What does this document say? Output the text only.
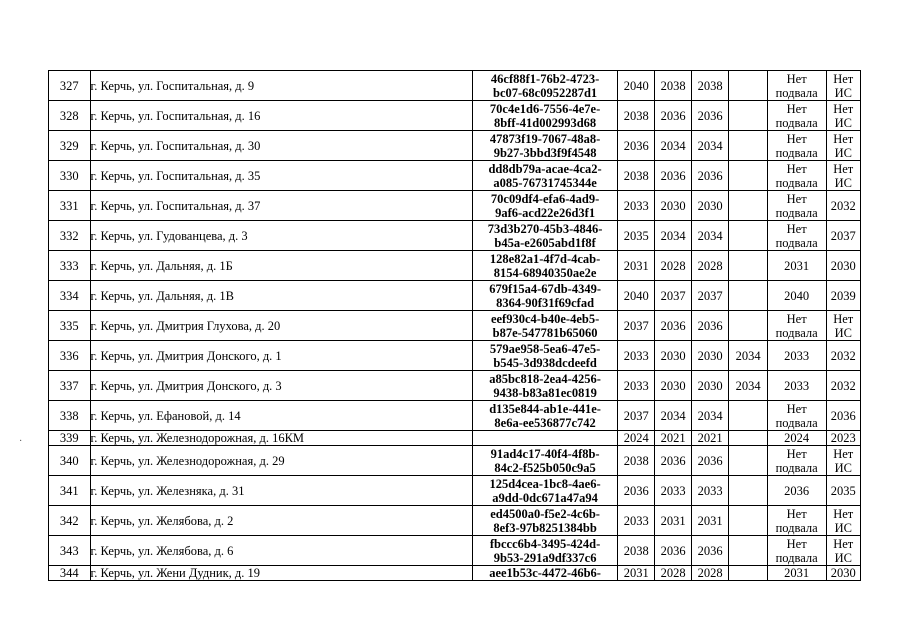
327	г. Керчь, ул. Госпитальная, д. 9	46cf88f1-76b2-4723-
bc07-68c0952287d1	2040	2038	2038		Нет
подвала	Нет
ИС

328	г. Керчь, ул. Госпитальная, д. 16	70c4e1d6-7556-4e7e-
8bff-41d002993d68	2038	2036	2036		Нет
подвала	Нет
ИС

329	г. Керчь, ул. Госпитальная, д. 30	47873f19-7067-48a8-
9b27-3bbd3f9f4548	2036	2034	2034		Нет
подвала	Нет
ИС

330	г. Керчь, ул. Госпитальная, д. 35	dd8db79a-acae-4ca2-
a085-76731745344e	2038	2036	2036		Нет
подвала	Нет
ИС

331	г. Керчь, ул. Госпитальная, д. 37	70c09df4-efa6-4ad9-
9af6-acd22e26d3f1	2033	2030	2030		Нет
подвала	2032

332	г. Керчь, ул. Гудованцева, д. 3	73d3b270-45b3-4846-
b45a-e2605abd1f8f	2035	2034	2034		Нет
подвала	2037

333	г. Керчь, ул. Дальняя, д. 1Б	128e82a1-4f7d-4cab-
8154-68940350ae2e	2031	2028	2028		2031	2030

334	г. Керчь, ул. Дальняя, д. 1В	679f15a4-67db-4349-
8364-90f31f69cfad	2040	2037	2037		2040	2039

335	г. Керчь, ул. Дмитрия Глухова, д. 20	eef930c4-b40e-4eb5-
b87e-547781b65060	2037	2036	2036		Нет
подвала	Нет
ИС

336	г. Керчь, ул. Дмитрия Донского, д. 1	579ae958-5ea6-47e5-
b545-3d938dcdeefd	2033	2030	2030	2034	2033	2032

337	г. Керчь, ул. Дмитрия Донского, д. 3	a85bc818-2ea4-4256-
9438-b83a81ec0819	2033	2030	2030	2034	2033	2032

338	г. Керчь, ул. Ефановой, д. 14	d135e844-ab1e-441e-
8e6a-ee536877c742	2037	2034	2034		Нет
подвала	2036

339	г. Керчь, ул. Железнодорожная, д. 16КМ		2024	2021	2021		2024	2023

340	г. Керчь, ул. Железнодорожная, д. 29	91ad4c17-40f4-4f8b-
84c2-f525b050c9a5	2038	2036	2036		Нет
подвала	Нет
ИС

341	г. Керчь, ул. Железняка, д. 31	125d4cea-1bc8-4ae6-
a9dd-0dc671a47a94	2036	2033	2033		2036	2035

342	г. Керчь, ул. Желябова, д. 2	ed4500a0-f5e2-4c6b-
8ef3-97b8251384bb	2033	2031	2031		Нет
подвала	Нет
ИС

343	г. Керчь, ул. Желябова, д. 6	fbccc6b4-3495-424d-
9b53-291a9df337c6	2038	2036	2036		Нет
подвала	Нет
ИС

344	г. Керчь, ул. Жени Дудник, д. 19	aee1b53c-4472-46b6-	2031	2028	2028		2031	2030
·
